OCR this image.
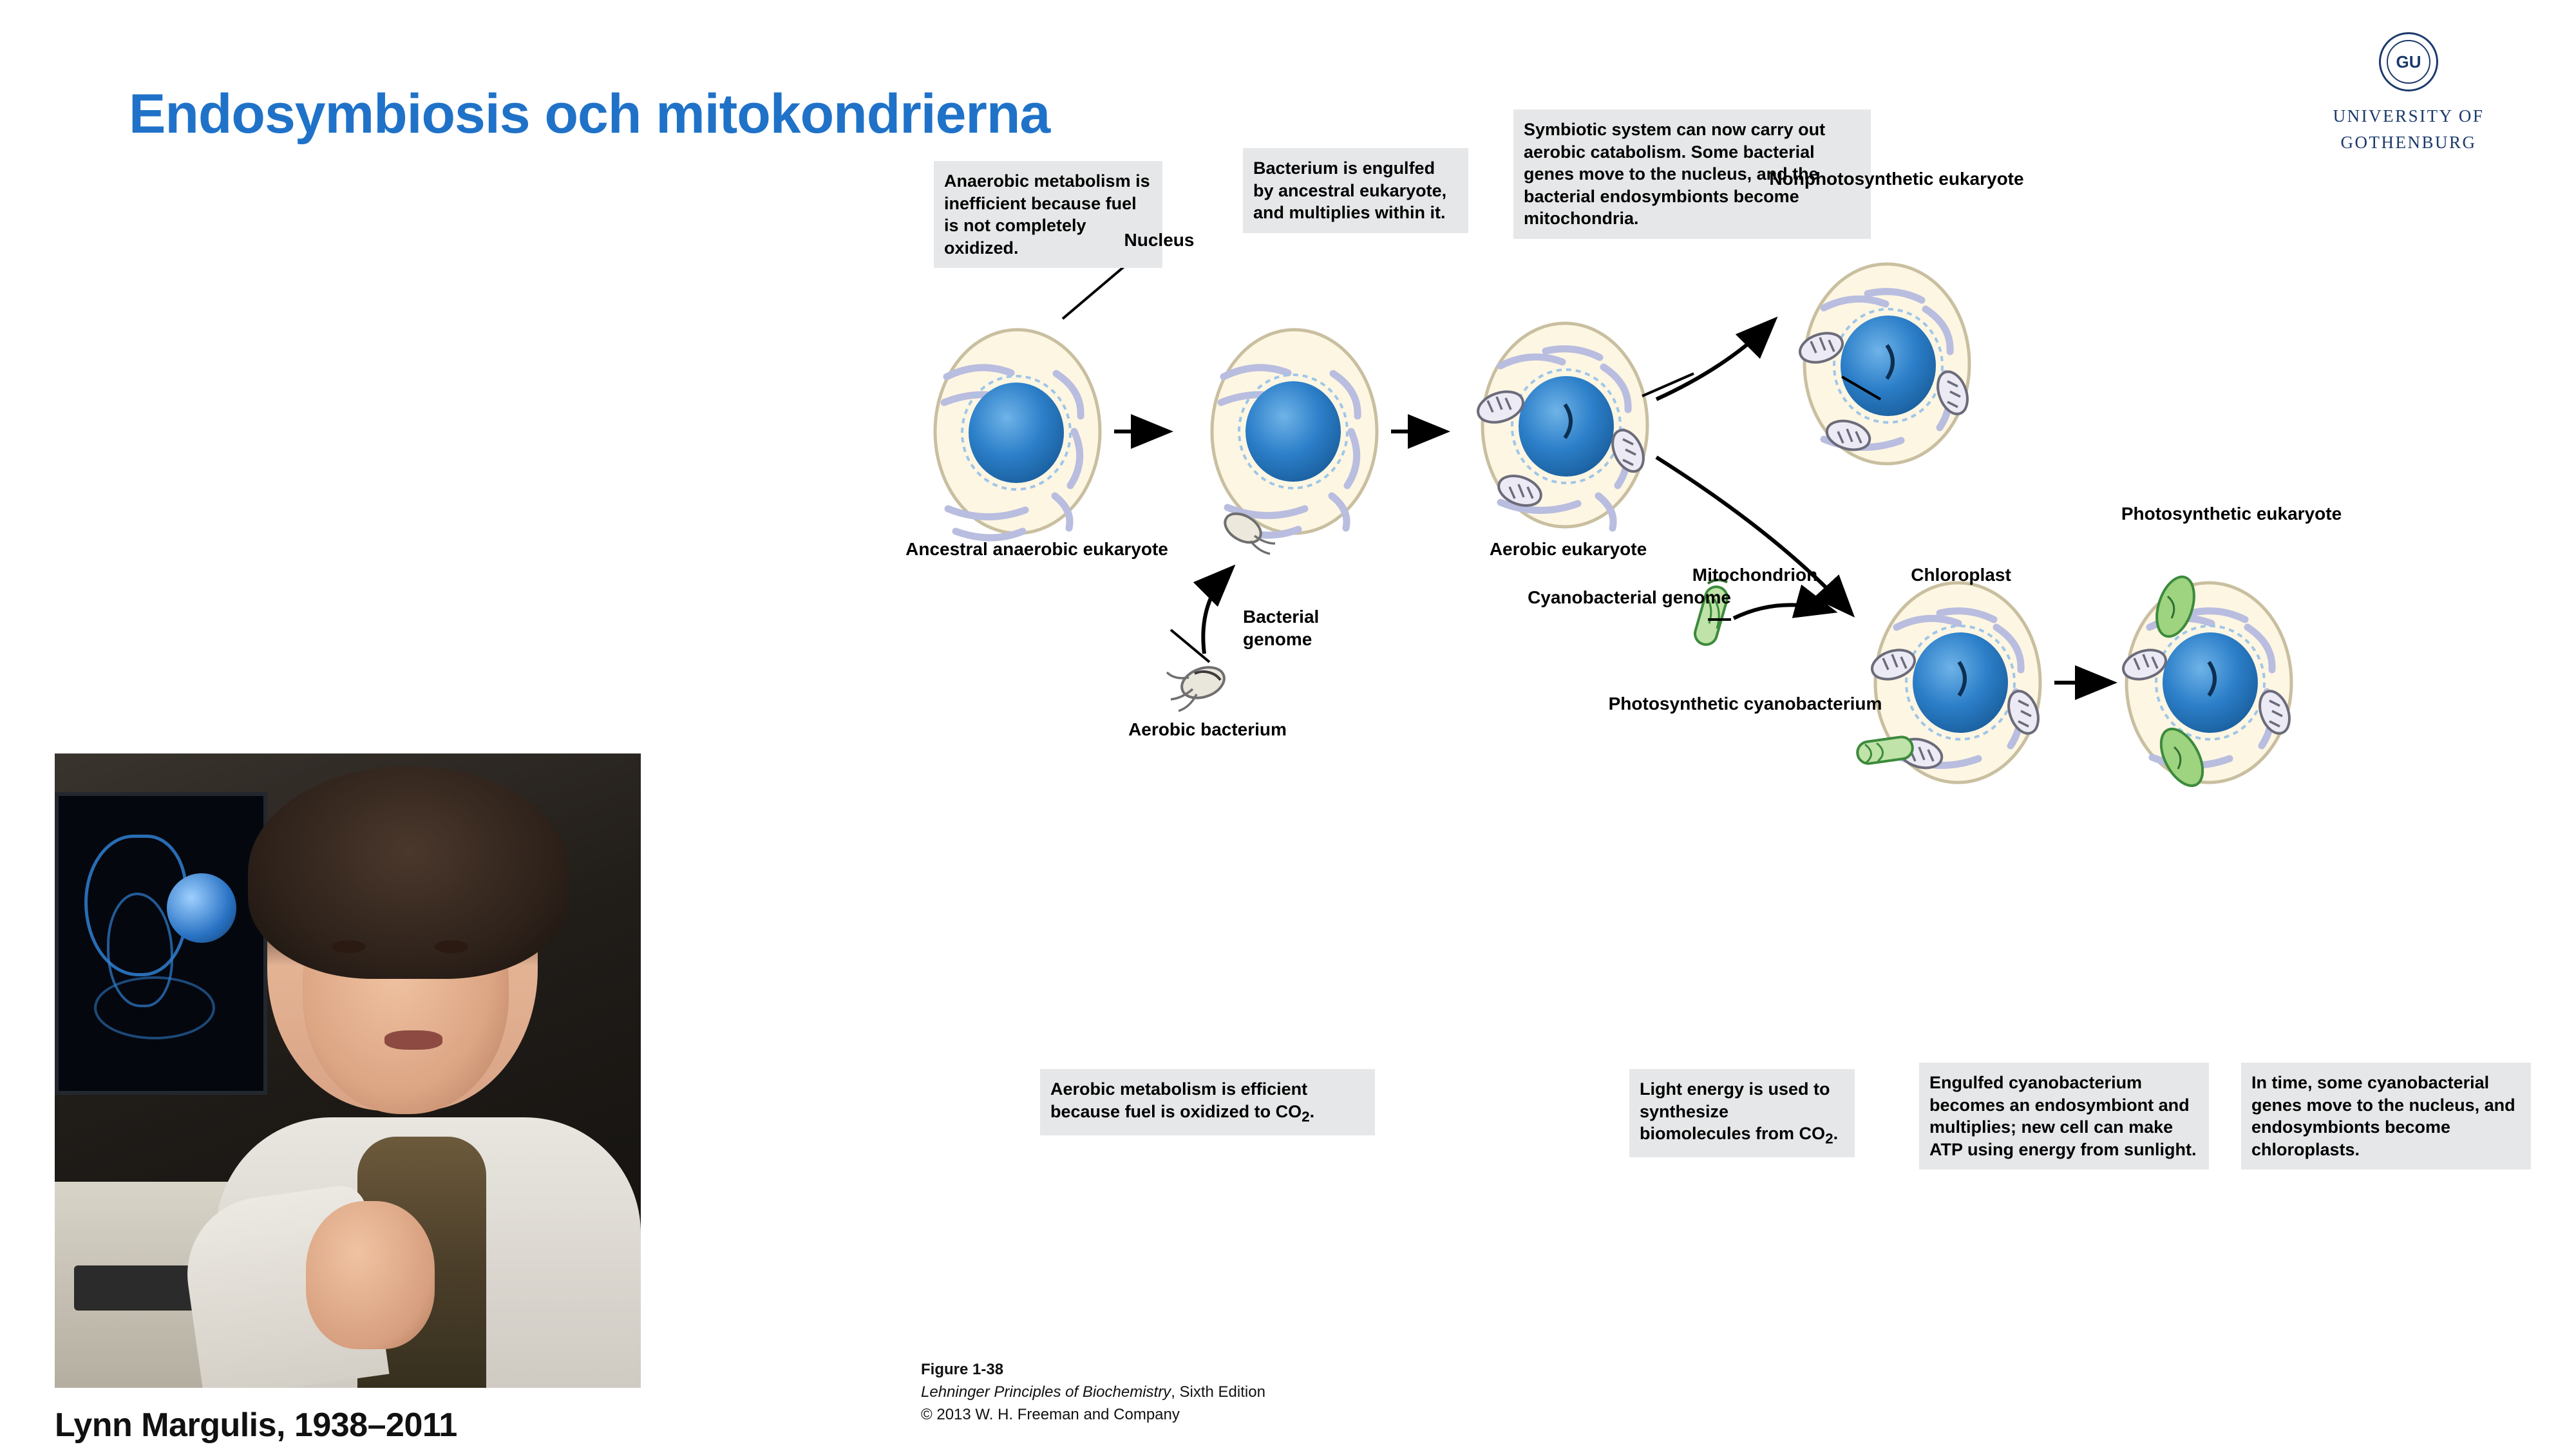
Endosymbiosis och mitokondrierna
GU
UNIVERSITY OF
GOTHENBURG
Lynn Margulis, 1938–2011
Anaerobic metabolism is inefficient because fuel is not completely oxidized.
Bacterium is engulfed by ancestral eukaryote, and multiplies within it.
Symbiotic system can now carry out aerobic catabolism. Some bacterial genes move to the nucleus, and the bacterial endosymbionts become mitochondria.
Aerobic metabolism is efficient because fuel is oxidized to $CO_2$.
Light energy is used to synthesize biomolecules from $CO_2$.
Engulfed cyanobacterium becomes an endosymbiont and multiplies; new cell can make ATP using energy from sunlight.
In time, some cyanobacterial genes move to the nucleus, and endosymbionts become chloroplasts.
Nucleus
Ancestral anaerobic eukaryote
Bacterial genome
Aerobic bacterium
Aerobic eukaryote
Nonphotosynthetic eukaryote
Mitochondrion	Chloroplast
Photosynthetic eukaryote
Cyanobacterial genome
Photosynthetic cyanobacterium
Figure 1-38
Lehninger Principles of Biochemistry, Sixth Edition
© 2013 W. H. Freeman and Company
